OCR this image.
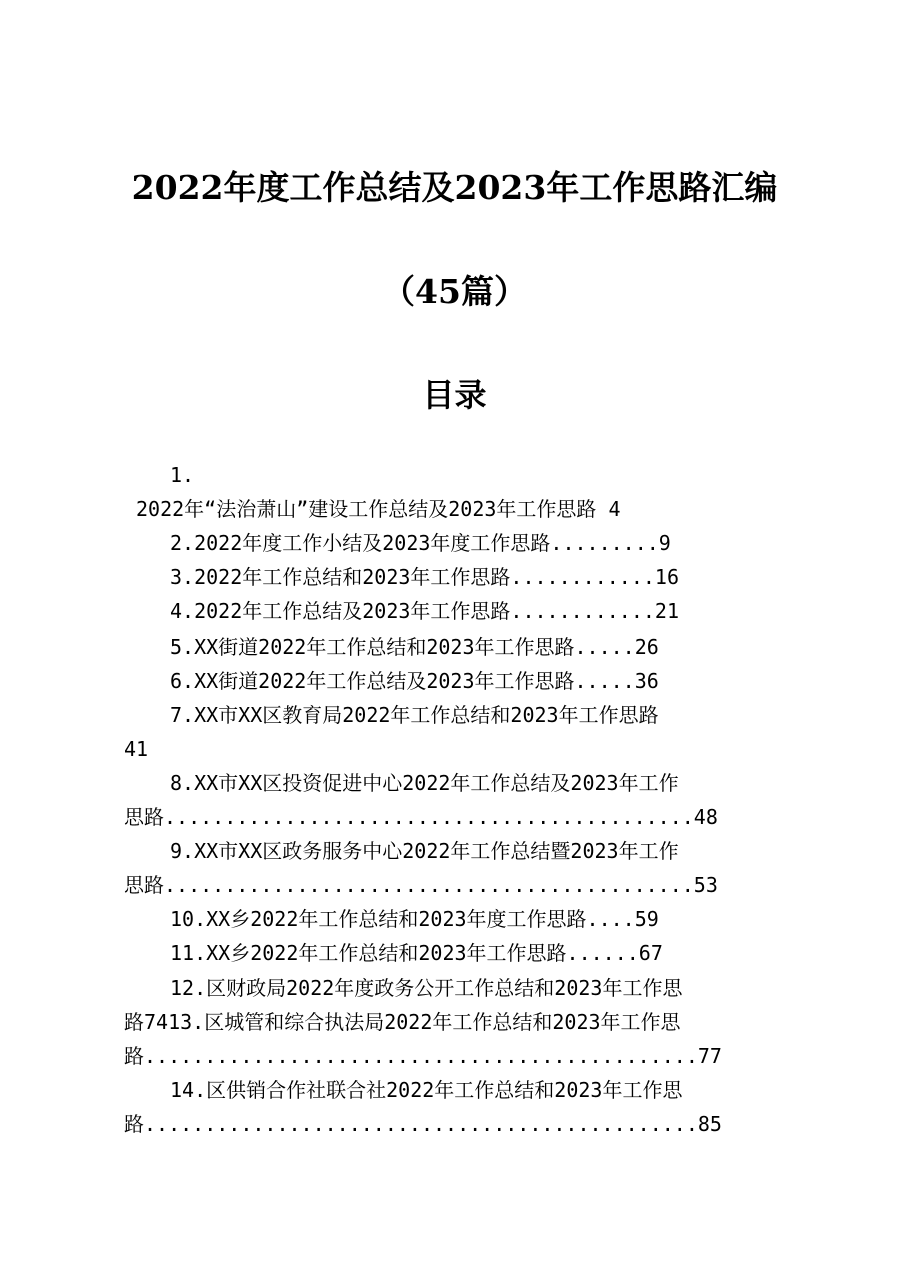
2022年度工作总结及2023年工作思路汇编
（45篇）
目录
1.
2022年“法治萧山”建设工作总结及2023年工作思路 4
2.2022年度工作小结及2023年度工作思路.........9
3.2022年工作总结和2023年工作思路............16
4.2022年工作总结及2023年工作思路............21
5.XX街道2022年工作总结和2023年工作思路.....26
6.XX街道2022年工作总结及2023年工作思路.....36
7.XX市XX区教育局2022年工作总结和2023年工作思路
41
8.XX市XX区投资促进中心2022年工作总结及2023年工作
思路............................................48
9.XX市XX区政务服务中心2022年工作总结暨2023年工作
思路............................................53
10.XX乡2022年工作总结和2023年度工作思路....59
11.XX乡2022年工作总结和2023年工作思路......67
12.区财政局2022年度政务公开工作总结和2023年工作思
路7413.区城管和综合执法局2022年工作总结和2023年工作思
路..............................................77
14.区供销合作社联合社2022年工作总结和2023年工作思
路..............................................85
